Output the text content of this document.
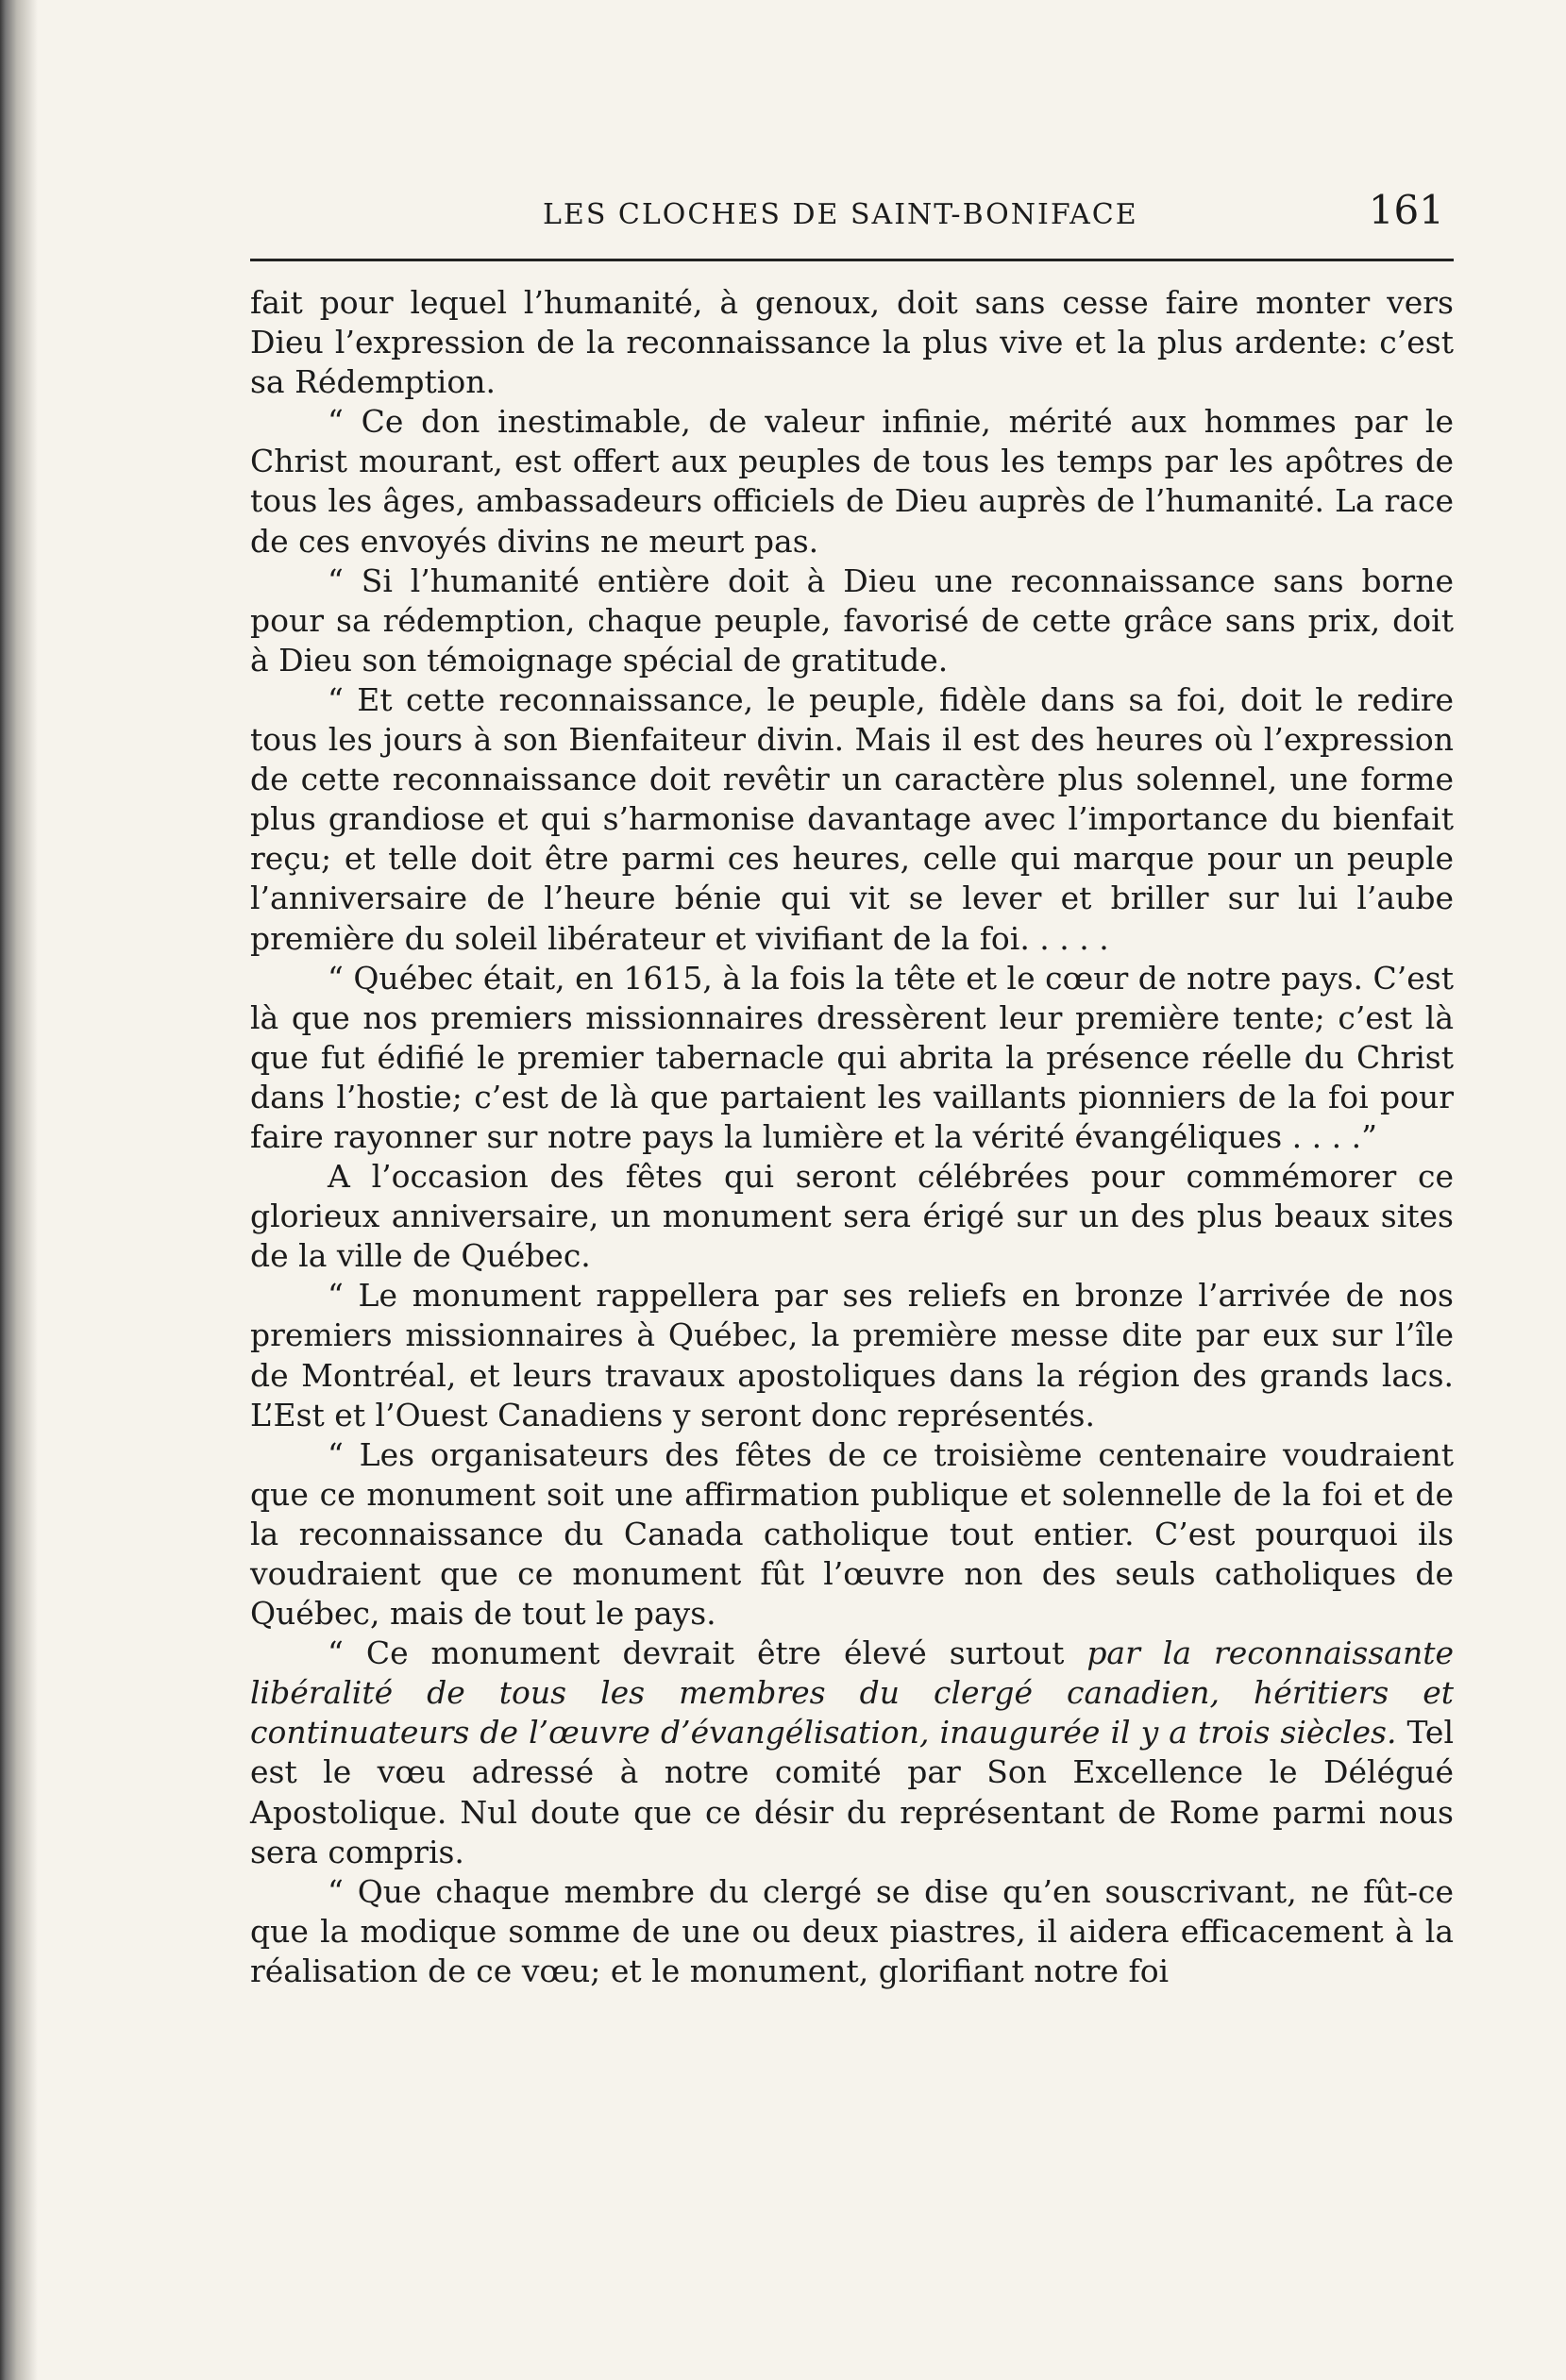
LES CLOCHES DE SAINT-BONIFACE	161

fait pour lequel l’humanité, à genoux, doit sans cesse faire monter vers Dieu l’expression de la reconnaissance la plus vive et la plus ardente: c’est sa Rédemption.

“ Ce don inestimable, de valeur infinie, mérité aux hommes par le Christ mourant, est offert aux peuples de tous les temps par les apôtres de tous les âges, ambassadeurs officiels de Dieu auprès de l’humanité. La race de ces envoyés divins ne meurt pas.

“ Si l’humanité entière doit à Dieu une reconnaissance sans borne pour sa rédemption, chaque peuple, favorisé de cette grâce sans prix, doit à Dieu son témoignage spécial de gratitude.

“ Et cette reconnaissance, le peuple, fidèle dans sa foi, doit le redire tous les jours à son Bienfaiteur divin. Mais il est des heures où l’expression de cette reconnaissance doit revêtir un caractère plus solennel, une forme plus grandiose et qui s’harmonise davantage avec l’importance du bienfait reçu; et telle doit être parmi ces heures, celle qui marque pour un peuple l’anniversaire de l’heure bénie qui vit se lever et briller sur lui l’aube première du soleil libérateur et vivifiant de la foi. . . . .

“ Québec était, en 1615, à la fois la tête et le cœur de notre pays. C’est là que nos premiers missionnaires dressèrent leur première tente; c’est là que fut édifié le premier tabernacle qui abrita la présence réelle du Christ dans l’hostie; c’est de là que partaient les vaillants pionniers de la foi pour faire rayonner sur notre pays la lumière et la vérité évangéliques . . . .”

A l’occasion des fêtes qui seront célébrées pour commémorer ce glorieux anniversaire, un monument sera érigé sur un des plus beaux sites de la ville de Québec.

“ Le monument rappellera par ses reliefs en bronze l’arrivée de nos premiers missionnaires à Québec, la première messe dite par eux sur l’île de Montréal, et leurs travaux apostoliques dans la région des grands lacs. L’Est et l’Ouest Canadiens y seront donc représentés.

“ Les organisateurs des fêtes de ce troisième centenaire voudraient que ce monument soit une affirmation publique et solennelle de la foi et de la reconnaissance du Canada catholique tout entier. C’est pourquoi ils voudraient que ce monument fût l’œuvre non des seuls catholiques de Québec, mais de tout le pays.

“ Ce monument devrait être élevé surtout par la reconnaissante libéralité de tous les membres du clergé canadien, héritiers et continuateurs de l’œuvre d’évangélisation, inaugurée il y a trois siècles. Tel est le vœu adressé à notre comité par Son Excellence le Délégué Apostolique. Nul doute que ce désir du représentant de Rome parmi nous sera compris.

“ Que chaque membre du clergé se dise qu’en souscrivant, ne fût-ce que la modique somme de une ou deux piastres, il aidera efficacement à la réalisation de ce vœu; et le monument, glorifiant notre foi
